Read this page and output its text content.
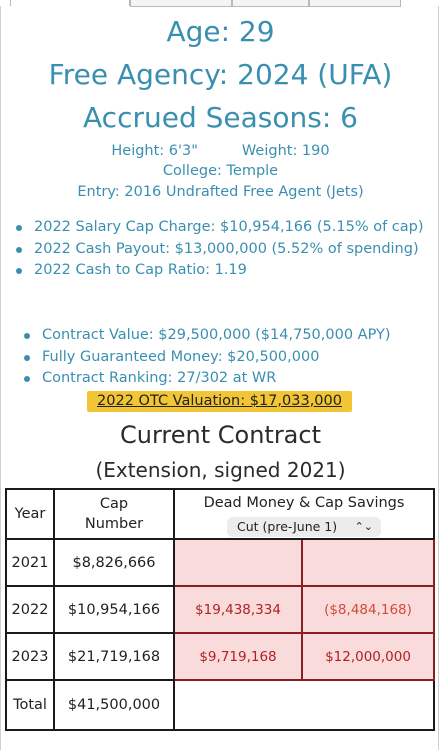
Age: 29
Free Agency: 2024 (UFA)
Accrued Seasons: 6
Height: 6'3"	Weight: 190
College: Temple
Entry: 2016 Undrafted Free Agent (Jets)
2022 Salary Cap Charge: $10,954,166 (5.15% of cap)
2022 Cash Payout: $13,000,000 (5.52% of spending)
2022 Cash to Cap Ratio: 1.19
Contract Value: $29,500,000 ($14,750,000 APY)
Fully Guaranteed Money: $20,500,000
Contract Ranking: 27/302 at WR
2022 OTC Valuation: $17,033,000
Current Contract
(Extension, signed 2021)
Year	Cap Number	Dead Money & Cap Savings
Cut (pre-June 1) ⌃⌄	

2021	$8,826,666		
2022	$10,954,166	$19,438,334	($8,484,168)
2023	$21,719,168	$9,719,168	$12,000,000
Total	$41,500,000		
